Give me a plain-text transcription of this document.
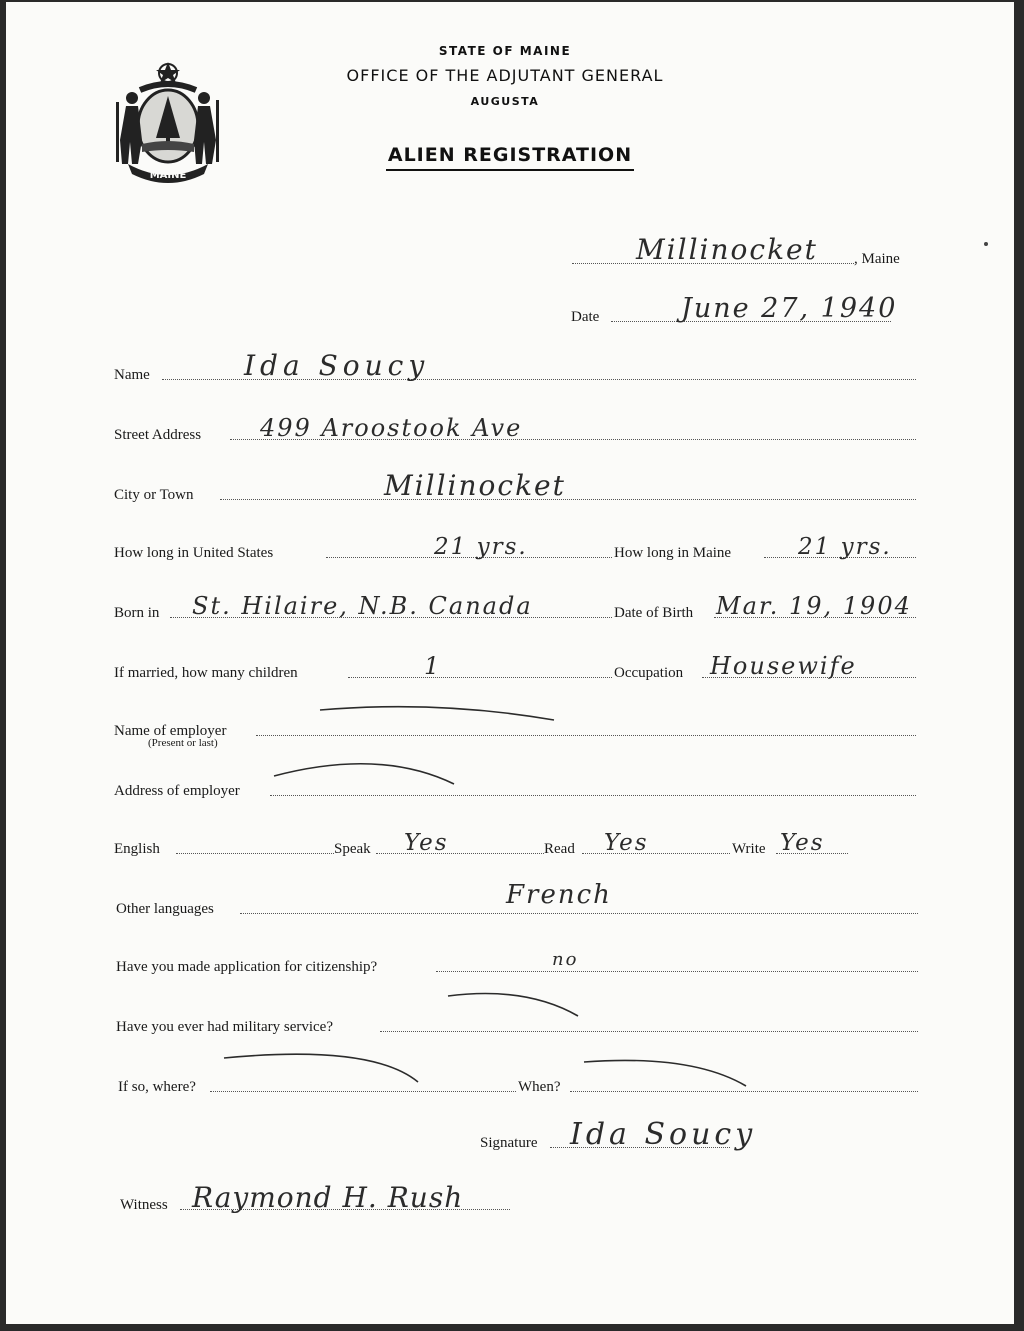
MAINE
STATE OF MAINE
OFFICE OF THE ADJUTANT GENERAL
AUGUSTA
ALIEN REGISTRATION
Millinocket , Maine
Date	June 27, 1940
Name	Ida Soucy
Street Address 499 Aroostook Ave
City or Town	Millinocket
How long in United States	21 yrs.	How long in Maine	21 yrs.
Born in St. Hilaire, N.B. Canada	Date of Birth Mar. 19, 1904
If married, how many children	1	Occupation Housewife
Name of employer
(Present or last)
Address of employer
English	Speak Yes	Read Yes	Write Yes
Other languages	French
Have you made application for citizenship?	no
Have you ever had military service?
If so, where?	When?
Signature Ida Soucy
Witness Raymond H. Rush
